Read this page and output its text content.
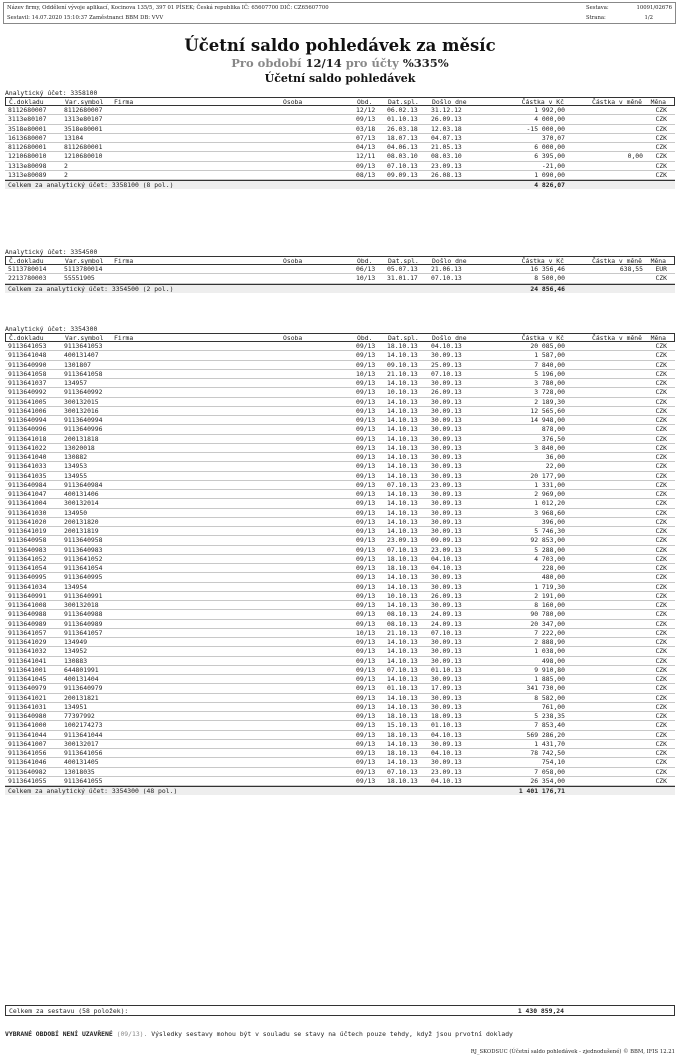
Název firmy, Oddělení vývoje aplikací, Kocinova 135/5, 397 01 PÍSEK; Česká republika IČ: 65607700 DIČ: CZ65607700
Sestavil: 14.07.2020 15:10:37 Zaměstnanci BBM DB: VVV
Sestava:	10091/02676
Strana:	1/2
Účetní saldo pohledávek za měsíc
Pro období 12/14 pro účty %335%
Účetní saldo pohledávek
Analytický účet: 3358100
Č.dokladu	Var.symbol Firma	Osoba	Obd. Dat.spl. Došlo dne	Částka v Kč	Částka v měně Měna
8112680007	8112680007	12/12 06.02.13 31.12.12	1 992,00	CZK
3113e80107	1313e80107	09/13 01.10.13 26.09.13	4 000,00	CZK
3518e80001	3518e80001	03/18 26.03.18 12.03.18	-15 000,00	CZK
1613680007	13104	07/13 18.07.13 04.07.13	370,07	CZK
8112680001	8112680001	04/13 04.06.13 21.05.13	6 000,00	CZK
1210680010	1210680010	12/11 08.03.10 08.03.10	6 395,00	0,00 CZK
1313e80098	2	09/13 07.10.13 23.09.13	-21,00	CZK
1313e80089	2	08/13 09.09.13 26.08.13	1 090,00	CZK
Celkem za analytický účet: 3358100 (8 pol.)	4 826,07
Analytický účet: 3354500
Č.dokladu	Var.symbol Firma	Osoba	Obd. Dat.spl. Došlo dne	Částka v Kč	Částka v měně Měna
5113780014	5113780014	06/13 05.07.13 21.06.13	16 356,46	638,55 EUR
2213780003	55551905	10/13 31.01.17 07.10.13	8 500,00	CZK
Celkem za analytický účet: 3354500 (2 pol.)	24 856,46
Analytický účet: 3354300
Č.dokladu	Var.symbol Firma	Osoba	Obd. Dat.spl. Došlo dne	Částka v Kč	Částka v měně Měna
9113641053	9113641053	09/13 18.10.13 04.10.13	20 085,00	CZK
9113641048	400131407	09/13 14.10.13 30.09.13	1 587,00	CZK
9113640990	1301807	09/13 09.10.13 25.09.13	7 840,00	CZK
9113641058	9113641058	10/13 21.10.13 07.10.13	5 196,00	CZK
9113641037	134957	09/13 14.10.13 30.09.13	3 780,00	CZK
9113640992	9113640992	09/13 10.10.13 26.09.13	3 728,00	CZK
9113641005	300132015	09/13 14.10.13 30.09.13	2 189,30	CZK
9113641006	300132016	09/13 14.10.13 30.09.13	12 565,60	CZK
9113640994	9113640994	09/13 14.10.13 30.09.13	14 948,00	CZK
9113640996	9113640996	09/13 14.10.13 30.09.13	878,00	CZK
9113641018	200131818	09/13 14.10.13 30.09.13	376,50	CZK
9113641022	13020018	09/13 14.10.13 30.09.13	3 840,00	CZK
9113641040	130882	09/13 14.10.13 30.09.13	36,00	CZK
9113641033	134953	09/13 14.10.13 30.09.13	22,00	CZK
9113641035	134955	09/13 14.10.13 30.09.13	20 177,90	CZK
9113640984	9113640984	09/13 07.10.13 23.09.13	1 331,00	CZK
9113641047	400131406	09/13 14.10.13 30.09.13	2 969,00	CZK
9113641004	300132014	09/13 14.10.13 30.09.13	1 012,20	CZK
9113641030	134950	09/13 14.10.13 30.09.13	3 968,60	CZK
9113641020	200131820	09/13 14.10.13 30.09.13	396,00	CZK
9113641019	200131819	09/13 14.10.13 30.09.13	5 746,30	CZK
9113640958	9113640958	09/13 23.09.13 09.09.13	92 853,00	CZK
9113640983	9113640983	09/13 07.10.13 23.09.13	5 288,00	CZK
9113641052	9113641052	09/13 18.10.13 04.10.13	4 703,00	CZK
9113641054	9113641054	09/13 18.10.13 04.10.13	228,00	CZK
9113640995	9113640995	09/13 14.10.13 30.09.13	480,00	CZK
9113641034	134954	09/13 14.10.13 30.09.13	1 719,30	CZK
9113640991	9113640991	09/13 10.10.13 26.09.13	2 191,00	CZK
9113641008	300132018	09/13 14.10.13 30.09.13	8 160,00	CZK
9113640988	9113640988	09/13 08.10.13 24.09.13	90 780,00	CZK
9113640989	9113640989	09/13 08.10.13 24.09.13	20 347,00	CZK
9113641057	9113641057	10/13 21.10.13 07.10.13	7 222,00	CZK
9113641029	134949	09/13 14.10.13 30.09.13	2 888,90	CZK
9113641032	134952	09/13 14.10.13 30.09.13	1 038,00	CZK
9113641041	130883	09/13 14.10.13 30.09.13	498,00	CZK
9113641001	644801991	09/13 07.10.13 01.10.13	9 910,80	CZK
9113641045	400131404	09/13 14.10.13 30.09.13	1 885,00	CZK
9113640979	9113640979	09/13 01.10.13 17.09.13	341 730,00	CZK
9113641021	200131821	09/13 14.10.13 30.09.13	8 582,00	CZK
9113641031	134951	09/13 14.10.13 30.09.13	761,00	CZK
9113640980	77397992	09/13 18.10.13 18.09.13	5 238,35	CZK
9113641000	1002174273	09/13 15.10.13 01.10.13	7 853,40	CZK
9113641044	9113641044	09/13 18.10.13 04.10.13	569 286,20	CZK
9113641007	300132017	09/13 14.10.13 30.09.13	1 431,70	CZK
9113641056	9113641056	09/13 18.10.13 04.10.13	78 742,50	CZK
9113641046	400131405	09/13 14.10.13 30.09.13	754,10	CZK
9113640982	13018035	09/13 07.10.13 23.09.13	7 058,00	CZK
9113641055	9113641055	09/13 18.10.13 04.10.13	26 354,00	CZK
Celkem za analytický účet: 3354300 (48 pol.)	1 401 176,71
Celkem za sestavu (58 položek):	1 430 859,24
VYBRANÉ OBDOBÍ NENÍ UZAVŘENÉ (09/13). Výsledky sestavy mohou být v souladu se stavy na účtech pouze tehdy, když jsou prvotní doklady
RJ_SKODSUC (Účetní saldo pohledávek - zjednodušené) © BBM, IFIS 12.21
